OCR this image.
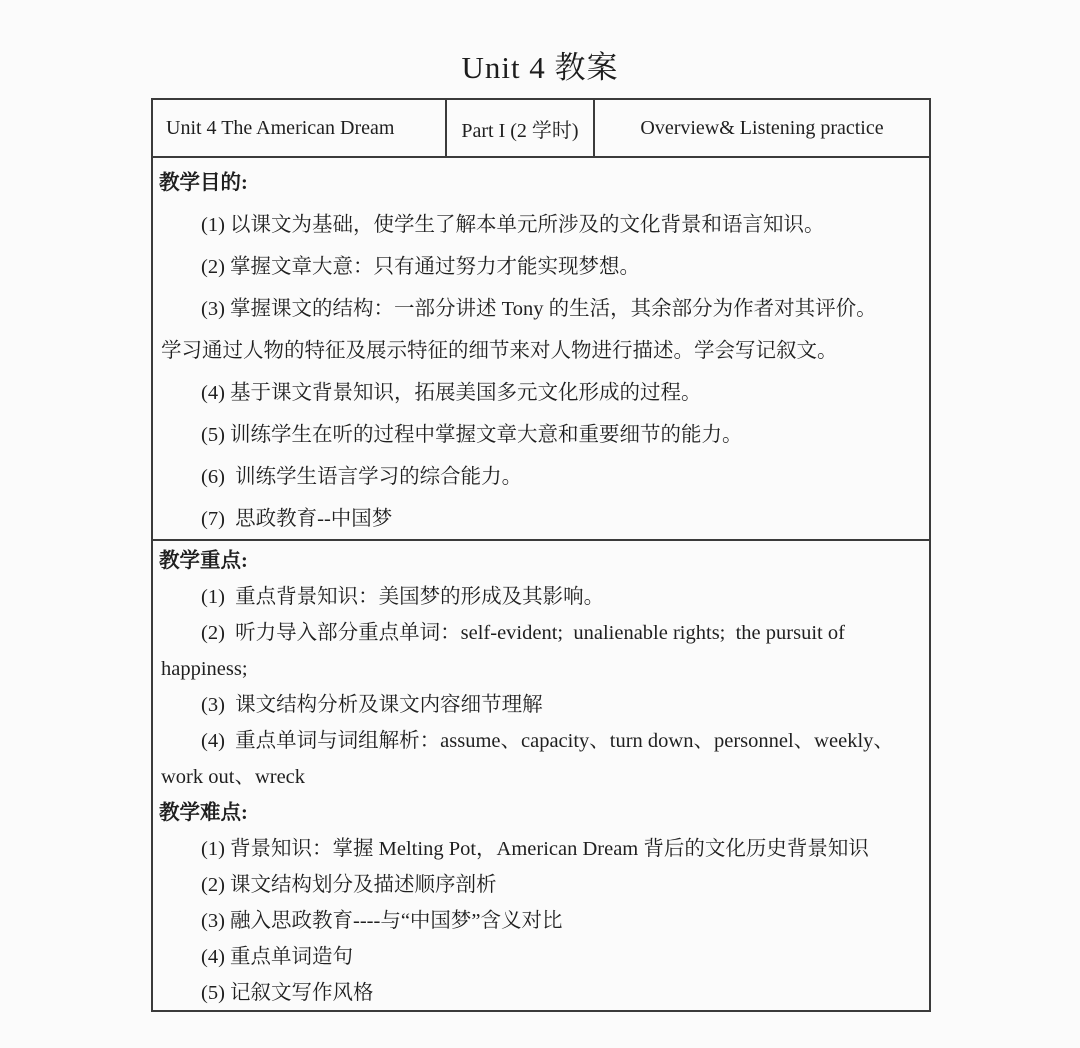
Unit 4 教案
Unit 4 The American Dream	Part I (2 学时)	Overview& Listening practice
教学目的:
(1) 以课文为基础，使学生了解本单元所涉及的文化背景和语言知识。
(2) 掌握文章大意：只有通过努力才能实现梦想。
(3) 掌握课文的结构：一部分讲述 Tony 的生活，其余部分为作者对其评价。
学习通过人物的特征及展示特征的细节来对人物进行描述。学会写记叙文。
(4) 基于课文背景知识，拓展美国多元文化形成的过程。
(5) 训练学生在听的过程中掌握文章大意和重要细节的能力。
(6)  训练学生语言学习的综合能力。
(7)  思政教育--中国梦
教学重点:
(1)  重点背景知识：美国梦的形成及其影响。
(2)  听力导入部分重点单词：self-evident;  unalienable rights;  the pursuit of
happiness;
(3)  课文结构分析及课文内容细节理解
(4)  重点单词与词组解析：assume、capacity、turn down、personnel、weekly、
work out、wreck
教学难点:
(1) 背景知识：掌握 Melting Pot，American Dream 背后的文化历史背景知识
(2) 课文结构划分及描述顺序剖析
(3) 融入思政教育----与“中国梦”含义对比
(4) 重点单词造句
(5) 记叙文写作风格
